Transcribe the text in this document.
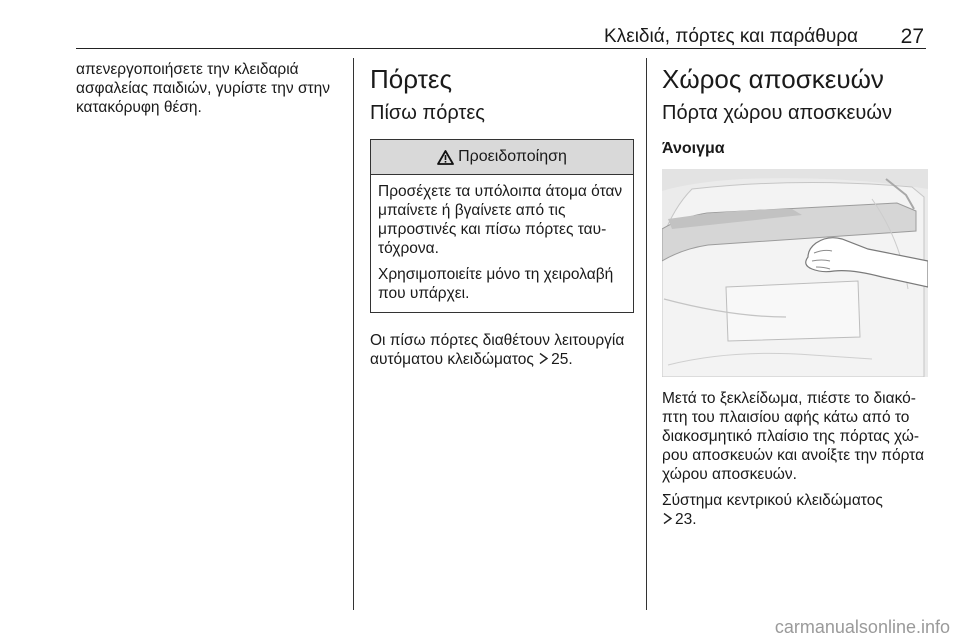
Κλειδιά, πόρτες και παράθυρα 27

απενεργοποιήσετε την κλειδαριά ασφαλείας παιδιών, γυρίστε την στην κατακόρυφη θέση.

Πόρτες
Πίσω πόρτες
Προειδοποίηση

Προσέχετε τα υπόλοιπα άτομα όταν μπαίνετε ή βγαίνετε από τις μπροστινές και πίσω πόρτες ταυ- τόχρονα.

Χρησιμοποιείτε μόνο τη χειρολαβή που υπάρχει.

Οι πίσω πόρτες διαθέτουν λειτουργία αυτόματου κλειδώματος 25.

Χώρος αποσκευών
Πόρτα χώρου αποσκευών
Άνοιγμα

Μετά το ξεκλείδωμα, πιέστε το διακό- πτη του πλαισίου αφής κάτω από το διακοσμητικό πλαίσιο της πόρτας χώ- ρου αποσκευών και ανοίξτε την πόρτα χώρου αποσκευών.

Σύστημα κεντρικού κλειδώματος

23.

carmanualsonline.info
